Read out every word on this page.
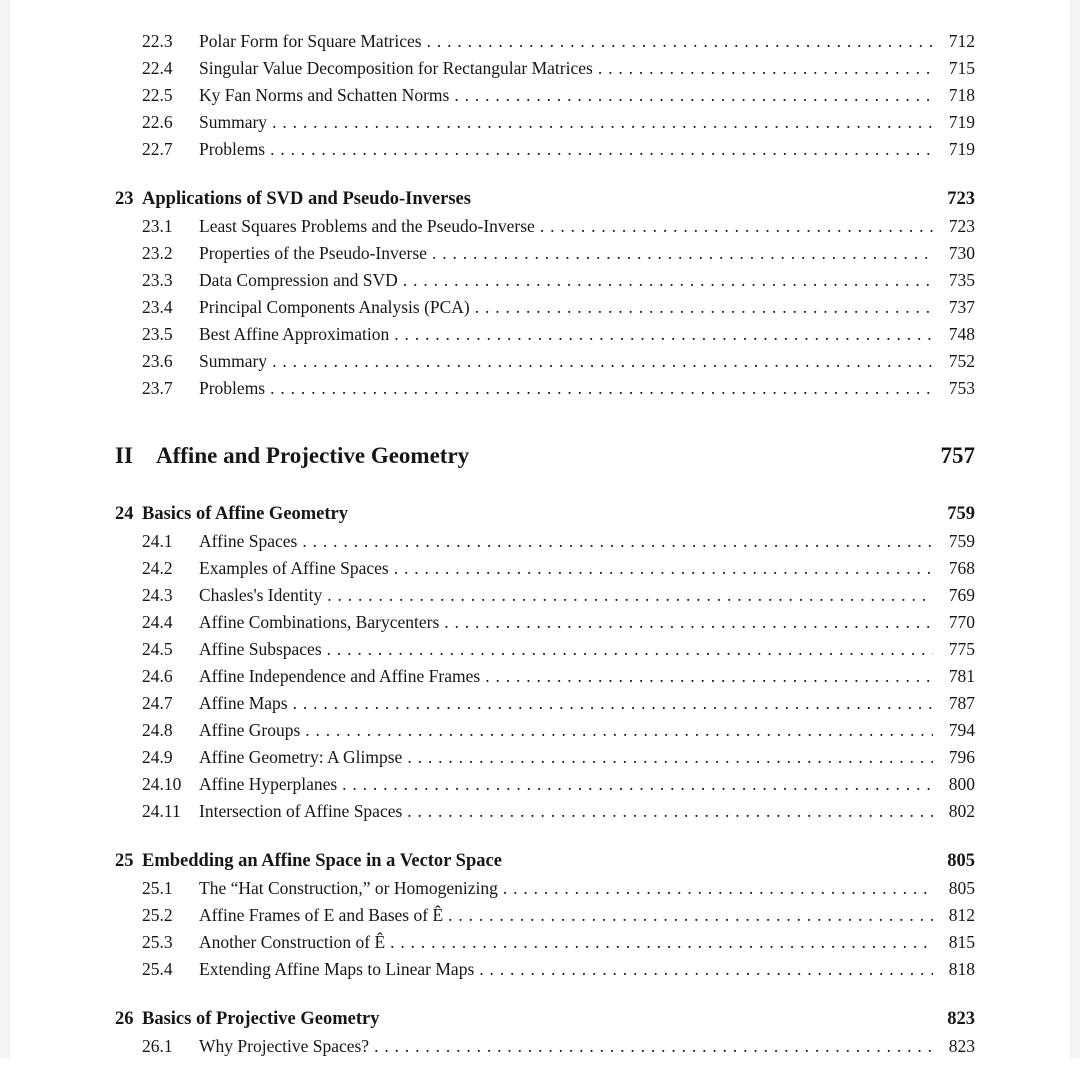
22.3	Polar Form for Square Matrices . . .	712
22.4	Singular Value Decomposition for Rectangular Matrices . . .	715
22.5	Ky Fan Norms and Schatten Norms . . .	718
22.6	Summary . . .	719
22.7	Problems . . .	719
23 Applications of SVD and Pseudo-Inverses	723
23.1	Least Squares Problems and the Pseudo-Inverse . . .	723
23.2	Properties of the Pseudo-Inverse . . .	730
23.3	Data Compression and SVD . . .	735
23.4	Principal Components Analysis (PCA) . . .	737
23.5	Best Affine Approximation . . .	748
23.6	Summary . . .	752
23.7	Problems . . .	753
II	Affine and Projective Geometry	757
24 Basics of Affine Geometry	759
24.1	Affine Spaces . . .	759
24.2	Examples of Affine Spaces . . .	768
24.3	Chasles's Identity . . .	769
24.4	Affine Combinations, Barycenters . . .	770
24.5	Affine Subspaces . . .	775
24.6	Affine Independence and Affine Frames . . .	781
24.7	Affine Maps . . .	787
24.8	Affine Groups . . .	794
24.9	Affine Geometry: A Glimpse . . .	796
24.10	Affine Hyperplanes . . .	800
24.11	Intersection of Affine Spaces . . .	802
25 Embedding an Affine Space in a Vector Space	805
25.1	The “Hat Construction,” or Homogenizing . . .	805
25.2	Affine Frames of E and Bases of Ê . . .	812
25.3	Another Construction of Ê . . .	815
25.4	Extending Affine Maps to Linear Maps . . .	818
26 Basics of Projective Geometry	823
26.1	Why Projective Spaces? . . .	823
